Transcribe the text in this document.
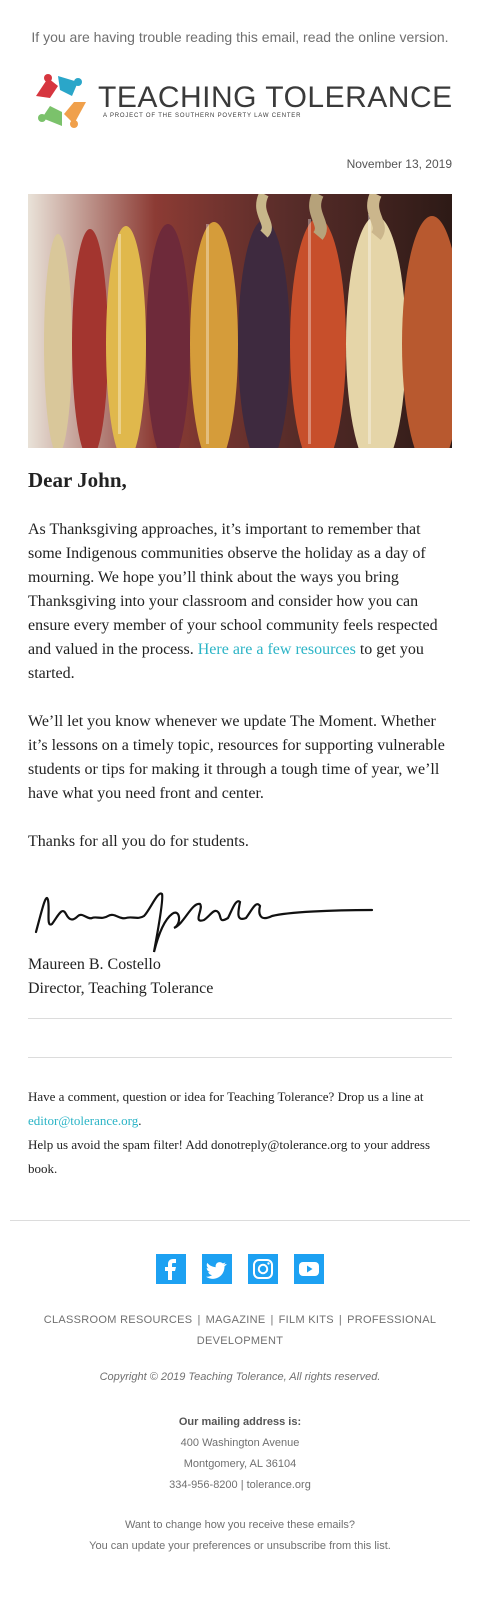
If you are having trouble reading this email, read the online version.
TEACHING TOLERANCE
A PROJECT OF THE SOUTHERN POVERTY LAW CENTER
November 13, 2019
Dear John,
As Thanksgiving approaches, it’s important to remember that some Indigenous communities observe the holiday as a day of mourning. We hope you’ll think about the ways you bring Thanksgiving into your classroom and consider how you can ensure every member of your school community feels respected and valued in the process. Here are a few resources to get you started.
We’ll let you know whenever we update The Moment. Whether it’s lessons on a timely topic, resources for supporting vulnerable students or tips for making it through a tough time of year, we’ll have what you need front and center.
Thanks for all you do for students.
Maureen B. Costello
Director, Teaching Tolerance
Have a comment, question or idea for Teaching Tolerance? Drop us a line at editor@tolerance.org.
Help us avoid the spam filter! Add donotreply@tolerance.org to your address book.
CLASSROOM RESOURCES | MAGAZINE | FILM KITS | PROFESSIONAL DEVELOPMENT
Copyright © 2019 Teaching Tolerance, All rights reserved.
Our mailing address is:
400 Washington Avenue
Montgomery, AL 36104
334-956-8200 | tolerance.org
Want to change how you receive these emails?
You can update your preferences or unsubscribe from this list.
